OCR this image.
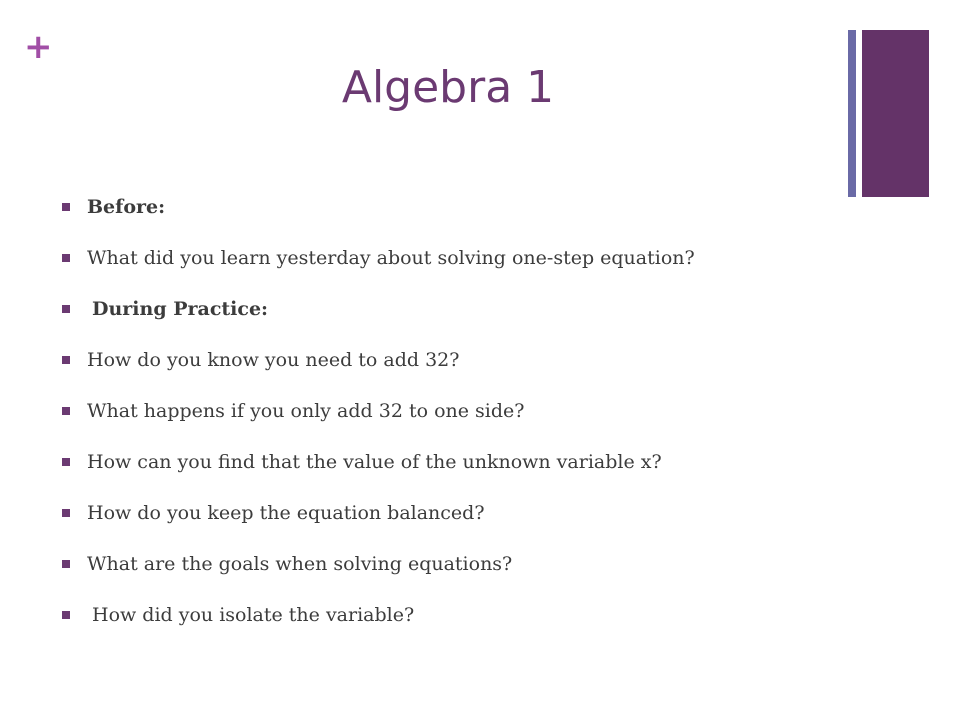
+
Algebra 1
Before:
What did you learn yesterday about solving one-step equation?
During Practice:
How do you know you need to add 32?
What happens if you only add 32 to one side?
How can you find that the value of the unknown variable x?
How do you keep the equation balanced?
What are the goals when solving equations?
How did you isolate the variable?
